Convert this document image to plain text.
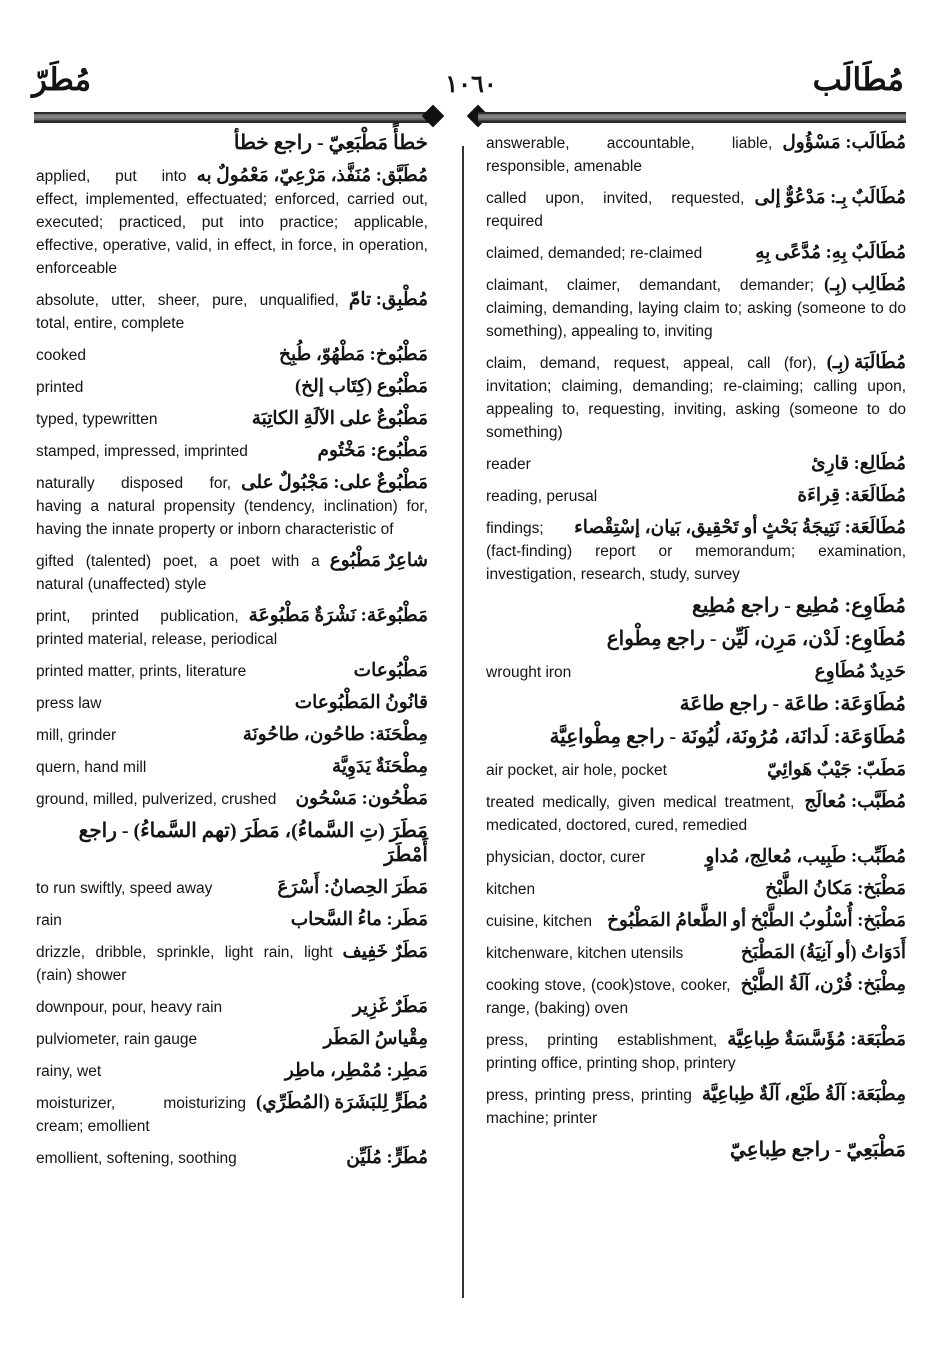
مُطَرّ	١٠٦٠	مُطَالَب
خطأً مَطْبَعِيّ - راجع خطأ
مُطَبَّق: مُنَفَّذ، مَرْعِيّ، مَعْمُولٌ به
applied, put into effect, implemented, effectuated; enforced, carried out, executed; practiced, put into practice; applicable, effective, operative, valid, in effect, in force, in operation, enforceable
مُطْبِق: تامّ
absolute, utter, sheer, pure, unqualified, total, entire, complete
مَطْبُوخ: مَطْهُوّ، طُبِخ
cooked
مَطْبُوع (كِتَاب إلخ)
printed
مَطْبُوعٌ على الآلَةِ الكاتِبَة
typed, typewritten
مَطْبُوع: مَخْتُوم
stamped, impressed, imprinted
مَطْبُوعٌ على: مَجْبُولٌ على
naturally disposed for, having a natural propensity (tendency, inclination) for, having the innate property or inborn characteristic of
شاعِرٌ مَطْبُوع
gifted (talented) poet, a poet with a natural (unaffected) style
مَطْبُوعَة: نَشْرَةٌ مَطْبُوعَة
print, printed publication, printed material, release, periodical
مَطْبُوعات
printed matter, prints, literature
قانُونُ المَطْبُوعات
press law
مِطْحَنَة: طاحُون، طاحُونَة
mill, grinder
مِطْحَنَةٌ يَدَوِيَّة
quern, hand mill
مَطْحُون: مَسْحُون
ground, milled, pulverized, crushed
مَطَرَ (تِ السَّماءُ)، مَطَرَ (تهم السَّماءُ) - راجع أَمْطَرَ
مَطَرَ الحِصانُ: أَسْرَعَ
to run swiftly, speed away
مَطَر: ماءُ السَّحاب
rain
مَطَرٌ خَفِيف
drizzle, dribble, sprinkle, light rain, light (rain) shower
مَطَرٌ غَزِير
downpour, pour, heavy rain
مِقْياسُ المَطَر
pulviometer, rain gauge
مَطِر: مُمْطِر، ماطِر
rainy, wet
مُطَرٍّ لِلبَشَرَة (المُطَرِّي)
moisturizer, moisturizing cream; emollient
مُطَرٍّ: مُلَيِّن
emollient, softening, soothing
مُطَالَب: مَسْؤُول
answerable, accountable, liable, responsible, amenable
مُطَالَبٌ بِـ: مَدْعُوٌّ إلى
called upon, invited, requested, required
مُطَالَبٌ بِهِ: مُدَّعًى بِهِ
claimed, demanded; re-claimed
مُطَالِب (بِـ)
claimant, claimer, demandant, demander; claiming, demanding, laying claim to; asking (someone to do something), appealing to, inviting
مُطَالَبَة (بِـ)
claim, demand, request, appeal, call (for), invitation; claiming, demanding; re-claiming; calling upon, appealing to, requesting, inviting, asking (someone to do something)
مُطَالِع: قارِئ
reader
مُطَالَعَة: قِراءَة
reading, perusal
مُطَالَعَة: نَتِيجَةُ بَحْثٍ أو تَحْقِيق، بَيان، إسْتِقْصاء
findings; (fact-finding) report or memorandum; examination, investigation, research, study, survey
مُطَاوِع: مُطِيع - راجع مُطِيع
مُطَاوِع: لَدْن، مَرِن، لَيِّن - راجع مِطْواع
حَدِيدٌ مُطَاوِع
wrought iron
مُطَاوَعَة: طاعَة - راجع طاعَة
مُطَاوَعَة: لَدانَة، مُرُونَة، لُيُونَة - راجع مِطْواعِيَّة
مَطَبّ: جَيْبٌ هَوائِيّ
air pocket, air hole, pocket
مُطَبَّب: مُعالَج
treated medically, given medical treatment, medicated, doctored, cured, remedied
مُطَبِّب: طَبِيب، مُعالِج، مُداوٍ
physician, doctor, curer
مَطْبَخ: مَكانُ الطَّبْخ
kitchen
مَطْبَخ: أُسْلُوبُ الطَّبْخ أو الطَّعامُ المَطْبُوخ
cuisine, kitchen
أَدَوَاتُ (أو آنِيَةُ) المَطْبَخ
kitchenware, kitchen utensils
مِطْبَخ: فُرْن، آلَةُ الطَّبْخ
cooking stove, (cook)stove, cooker, range, (baking) oven
مَطْبَعَة: مُؤَسَّسَةٌ طِباعِيَّة
press, printing establishment, printing office, printing shop, printery
مِطْبَعَة: آلَةُ طَبْع، آلَةٌ طِباعِيَّة
press, printing press, printing machine; printer
مَطْبَعِيّ - راجع طِباعِيّ
